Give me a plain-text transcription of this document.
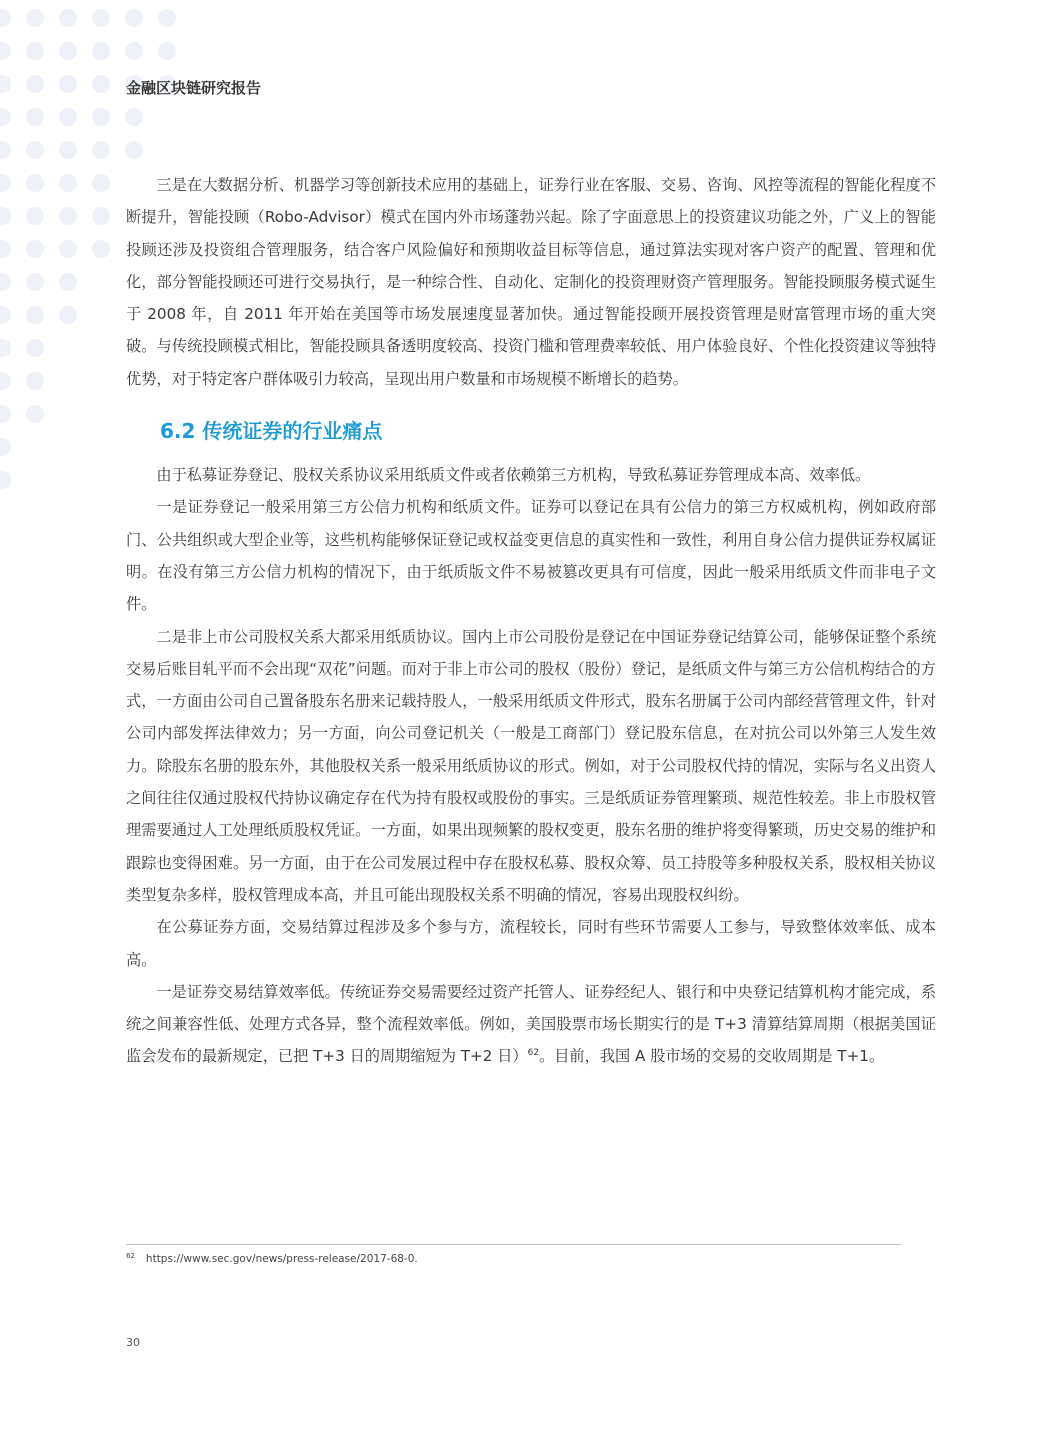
金融区块链研究报告

三是在大数据分析、机器学习等创新技术应用的基础上，证券行业在客服、交易、咨询、风控等流程的智能化程度不断提升，智能投顾（Robo-Advisor）模式在国内外市场蓬勃兴起。除了字面意思上的投资建议功能之外，广义上的智能投顾还涉及投资组合管理服务，结合客户风险偏好和预期收益目标等信息，通过算法实现对客户资产的配置、管理和优化，部分智能投顾还可进行交易执行，是一种综合性、自动化、定制化的投资理财资产管理服务。智能投顾服务模式诞生于 2008 年，自 2011 年开始在美国等市场发展速度显著加快。通过智能投顾开展投资管理是财富管理市场的重大突破。与传统投顾模式相比，智能投顾具备透明度较高、投资门槛和管理费率较低、用户体验良好、个性化投资建议等独特优势，对于特定客户群体吸引力较高，呈现出用户数量和市场规模不断增长的趋势。

6.2 传统证券的行业痛点

由于私募证券登记、股权关系协议采用纸质文件或者依赖第三方机构，导致私募证券管理成本高、效率低。

一是证券登记一般采用第三方公信力机构和纸质文件。证券可以登记在具有公信力的第三方权威机构，例如政府部门、公共组织或大型企业等，这些机构能够保证登记或权益变更信息的真实性和一致性，利用自身公信力提供证券权属证明。在没有第三方公信力机构的情况下，由于纸质版文件不易被篡改更具有可信度，因此一般采用纸质文件而非电子文件。

二是非上市公司股权关系大都采用纸质协议。国内上市公司股份是登记在中国证券登记结算公司，能够保证整个系统交易后账目轧平而不会出现“双花”问题。而对于非上市公司的股权（股份）登记，是纸质文件与第三方公信机构结合的方式，一方面由公司自己置备股东名册来记载持股人，一般采用纸质文件形式，股东名册属于公司内部经营管理文件，针对公司内部发挥法律效力；另一方面，向公司登记机关（一般是工商部门）登记股东信息，在对抗公司以外第三人发生效力。除股东名册的股东外，其他股权关系一般采用纸质协议的形式。例如，对于公司股权代持的情况，实际与名义出资人之间往往仅通过股权代持协议确定存在代为持有股权或股份的事实。三是纸质证券管理繁琐、规范性较差。非上市股权管理需要通过人工处理纸质股权凭证。一方面，如果出现频繁的股权变更，股东名册的维护将变得繁琐，历史交易的维护和跟踪也变得困难。另一方面，由于在公司发展过程中存在股权私募、股权众筹、员工持股等多种股权关系，股权相关协议类型复杂多样，股权管理成本高，并且可能出现股权关系不明确的情况，容易出现股权纠纷。

在公募证券方面，交易结算过程涉及多个参与方，流程较长，同时有些环节需要人工参与，导致整体效率低、成本高。

一是证券交易结算效率低。传统证券交易需要经过资产托管人、证券经纪人、银行和中央登记结算机构才能完成，系统之间兼容性低、处理方式各异，整个流程效率低。例如，美国股票市场长期实行的是 T+3 清算结算周期（根据美国证监会发布的最新规定，已把 T+3 日的周期缩短为 T+2 日）$^{62}$。目前，我国 A 股市场的交易的交收周期是 T+1。

$^{62}$ https://www.sec.gov/news/press-release/2017-68-0.
30
